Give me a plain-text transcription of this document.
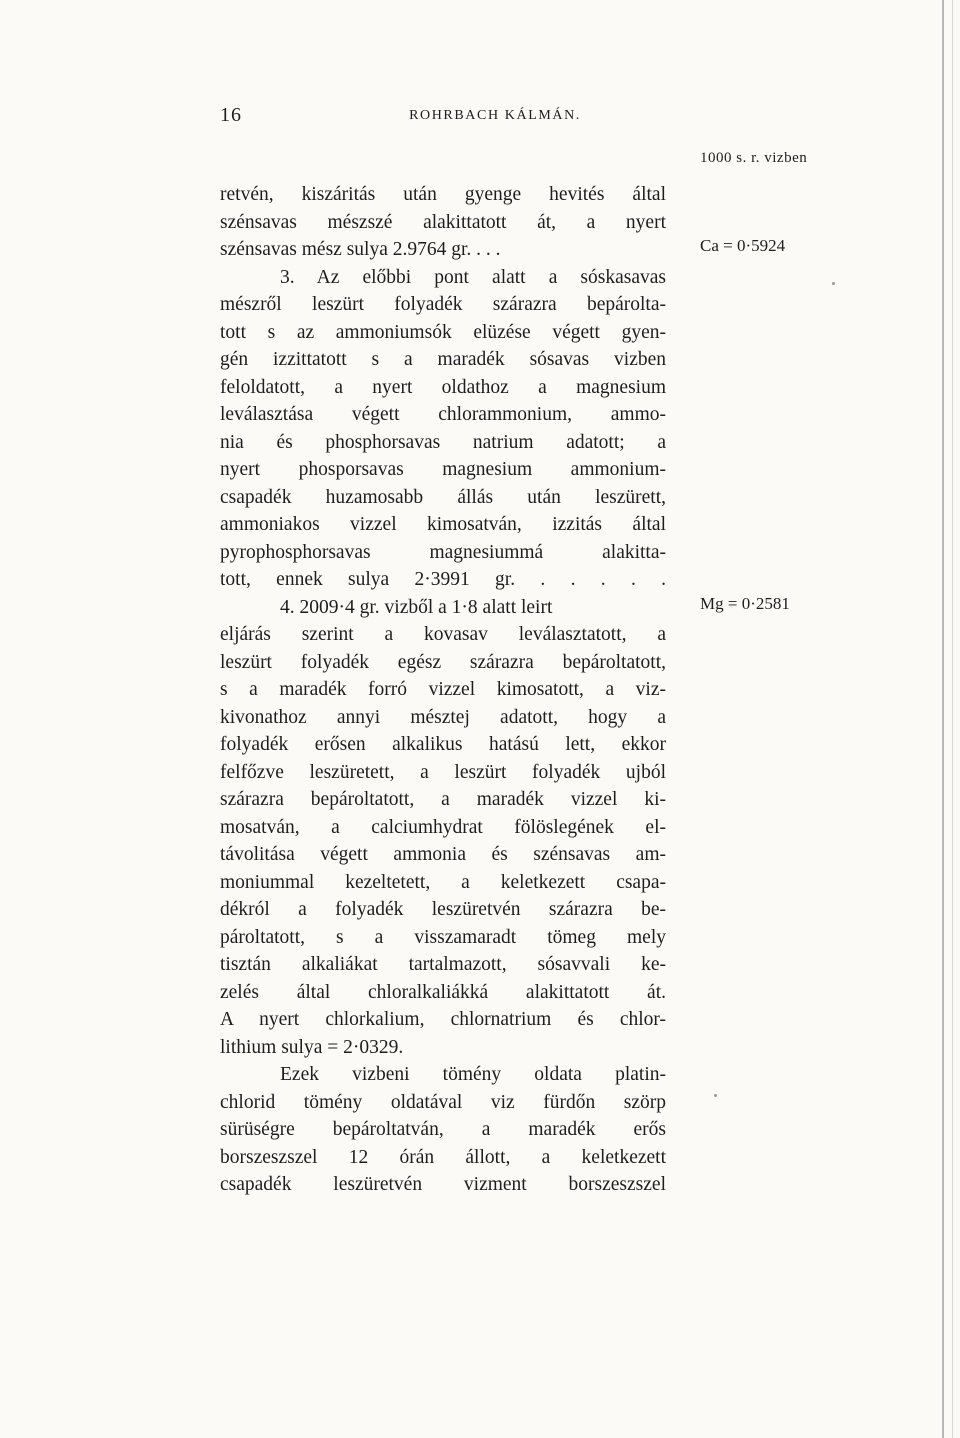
16	ROHRBACH KÁLMÁN.
1000 s. r. vizben
Ca = 0·5924
Mg = 0·2581
retvén, kiszáritás után gyenge hevités által
szénsavas mészszé alakittatott át, a nyert
szénsavas mész sulya 2.9764 gr. . . .
3. Az előbbi pont alatt a sóskasavas
mészről leszürt folyadék szárazra bepárolta-
tott s az ammoniumsók elüzése végett gyen-
gén izzittatott s a maradék sósavas vizben
feloldatott, a nyert oldathoz a magnesium
leválasztása végett chlorammonium, ammo-
nia és phosphorsavas natrium adatott; a
nyert phosporsavas magnesium ammonium-
csapadék huzamosabb állás után leszürett,
ammoniakos vizzel kimosatván, izzitás által
pyrophosphorsavas magnesiummá alakitta-
tott, ennek sulya 2·3991 gr. . . . . .
4. 2009·4 gr. vizből a 1·8 alatt leirt
eljárás szerint a kovasav leválasztatott, a
leszürt folyadék egész szárazra bepároltatott,
s a maradék forró vizzel kimosatott, a viz-
kivonathoz annyi mésztej adatott, hogy a
folyadék erősen alkalikus hatású lett, ekkor
felfőzve leszüretett, a leszürt folyadék ujból
szárazra bepároltatott, a maradék vizzel ki-
mosatván, a calciumhydrat fölöslegének el-
távolitása végett ammonia és szénsavas am-
moniummal kezeltetett, a keletkezett csapa-
dékról a folyadék leszüretvén szárazra be-
pároltatott, s a visszamaradt tömeg mely
tisztán alkaliákat tartalmazott, sósavvali ke-
zelés által chloralkaliákká alakittatott át.
A nyert chlorkalium, chlornatrium és chlor-
lithium sulya = 2·0329.
Ezek vizbeni tömény oldata platin-
chlorid tömény oldatával viz fürdőn szörp
sürüségre bepároltatván, a maradék erős
borszeszszel 12 órán állott, a keletkezett
csapadék leszüretvén vizment borszeszszel
